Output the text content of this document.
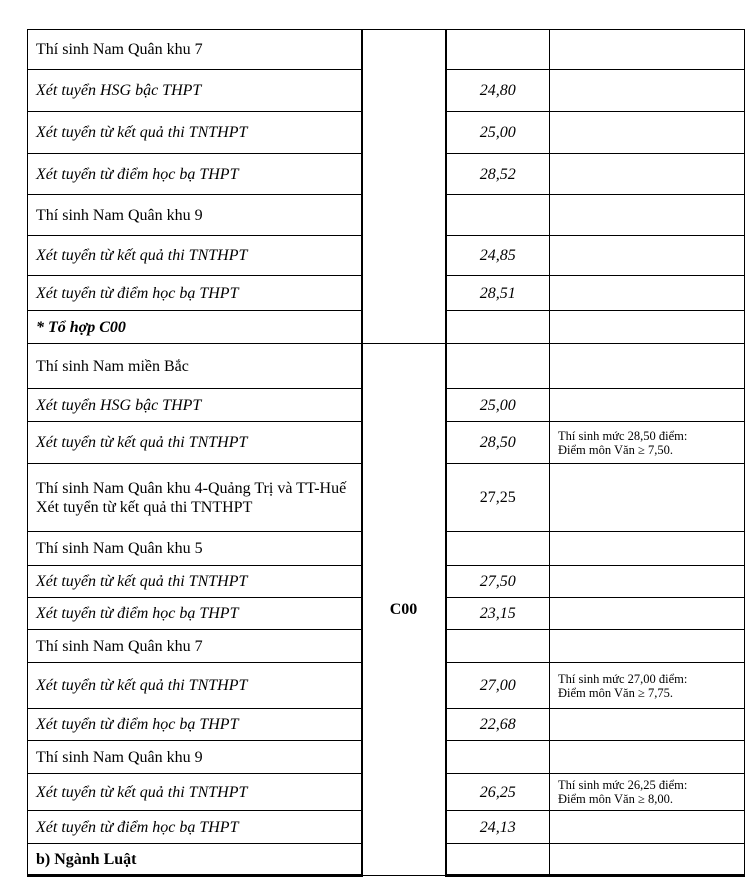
Thí sinh Nam Quân khu 7			
Xét tuyển HSG bậc THPT		24,80	
Xét tuyển từ kết quả thi TNTHPT		25,00	
Xét tuyển từ điểm học bạ THPT		28,52	
Thí sinh Nam Quân khu 9			
Xét tuyển từ kết quả thi TNTHPT		24,85	
Xét tuyển từ điểm học bạ THPT		28,51	
* Tổ hợp C00			
Thí sinh Nam miền Bắc	C00		
Xét tuyển HSG bậc THPT		25,00	
Xét tuyển từ kết quả thi TNTHPT		28,50	Thí sinh mức 28,50 điểm:
Điểm môn Văn ≥ 7,50.
Thí sinh Nam Quân khu 4-Quảng Trị và TT-Huế
Xét tuyển từ kết quả thi TNTHPT		27,25	
Thí sinh Nam Quân khu 5			
Xét tuyển từ kết quả thi TNTHPT		27,50	
Xét tuyển từ điểm học bạ THPT		23,15	
Thí sinh Nam Quân khu 7			
Xét tuyển từ kết quả thi TNTHPT		27,00	Thí sinh mức 27,00 điểm:
Điểm môn Văn ≥ 7,75.
Xét tuyển từ điểm học bạ THPT		22,68	
Thí sinh Nam Quân khu 9			
Xét tuyển từ kết quả thi TNTHPT		26,25	Thí sinh mức 26,25 điểm:
Điểm môn Văn ≥ 8,00.
Xét tuyển từ điểm học bạ THPT		24,13	
b) Ngành Luật			
